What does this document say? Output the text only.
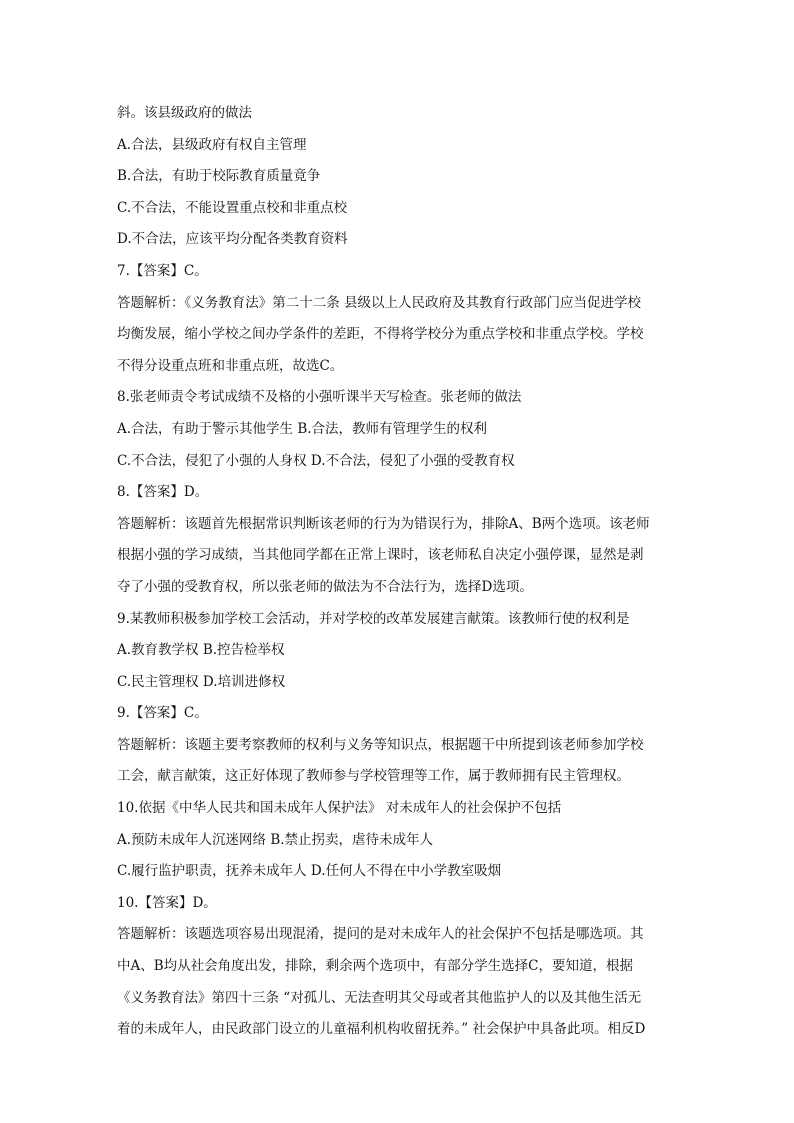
斜。该县级政府的做法
A.合法，县级政府有权自主管理
B.合法，有助于校际教育质量竟争
C.不合法，不能设置重点校和非重点校
D.不合法，应该平均分配各类教育资料
7.【答案】C。
答题解析：《义务教育法》第二十二条 县级以上人民政府及其教育行政部门应当促进学校
均衡发展，缩小学校之间办学条件的差距，不得将学校分为重点学校和非重点学校。学校
不得分设重点班和非重点班，故选C。
8.张老师责令考试成绩不及格的小强听课半天写检查。张老师的做法
A.合法，有助于警示其他学生 B.合法，教师有管理学生的权利
C.不合法，侵犯了小强的人身权 D.不合法，侵犯了小强的受教育权
8.【答案】D。
答题解析：该题首先根据常识判断该老师的行为为错误行为，排除A、B两个选项。该老师
根据小强的学习成绩，当其他同学都在正常上课时，该老师私自决定小强停课，显然是剥
夺了小强的受教育权，所以张老师的做法为不合法行为，选择D选项。
9.某教师积极参加学校工会活动，并对学校的改革发展建言献策。该教师行使的权利是
A.教育教学权 B.控告检举权
C.民主管理权 D.培训进修权
9.【答案】C。
答题解析：该题主要考察教师的权利与义务等知识点，根据题干中所提到该老师参加学校
工会，献言献策，这正好体现了教师参与学校管理等工作，属于教师拥有民主管理权。
10.依据《中华人民共和国未成年人保护法》 对未成年人的社会保护不包括
A.预防未成年人沉迷网络 B.禁止拐卖，虐待未成年人
C.履行监护职责，抚养未成年人 D.任何人不得在中小学教室吸烟
10.【答案】D。
答题解析：该题选项容易出现混淆，提问的是对未成年人的社会保护不包括是哪选项。其
中A、B均从社会角度出发，排除，剩余两个选项中，有部分学生选择C，要知道，根据
《义务教育法》第四十三条 “对孤儿、无法查明其父母或者其他监护人的以及其他生活无
着的未成年人，由民政部门设立的儿童福利机构收留抚养。” 社会保护中具备此项。相反D
